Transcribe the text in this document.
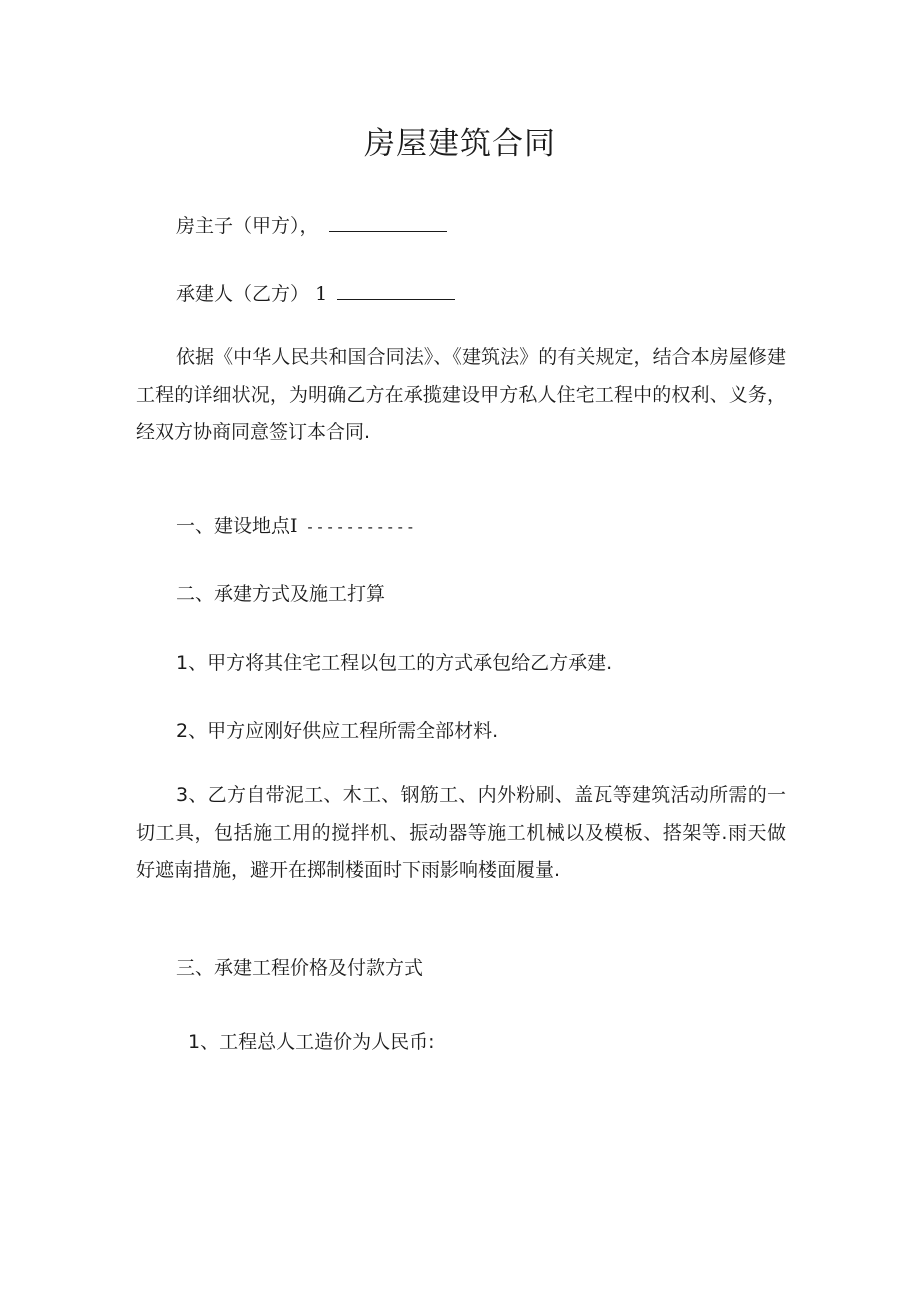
房屋建筑合同
房主子（甲方），
承建人（乙方） 1

依据《中华人民共和国合同法》、《建筑法》的有关规定，结合本房屋修建工程的详细状况，为明确乙方在承揽建设甲方私人住宅工程中的权利、义务，经双方协商同意签订本合同.

一、建设地点I -----------
二、承建方式及施工打算
1、甲方将其住宅工程以包工的方式承包给乙方承建.
2、甲方应刚好供应工程所需全部材料.

3、乙方自带泥工、木工、钢筋工、内外粉刷、盖瓦等建筑活动所需的一切工具，包括施工用的搅拌机、振动器等施工机械以及模板、搭架等.雨天做好遮南措施，避开在掷制楼面时下雨影响楼面履量.

三、承建工程价格及付款方式
1、工程总人工造价为人民币:
